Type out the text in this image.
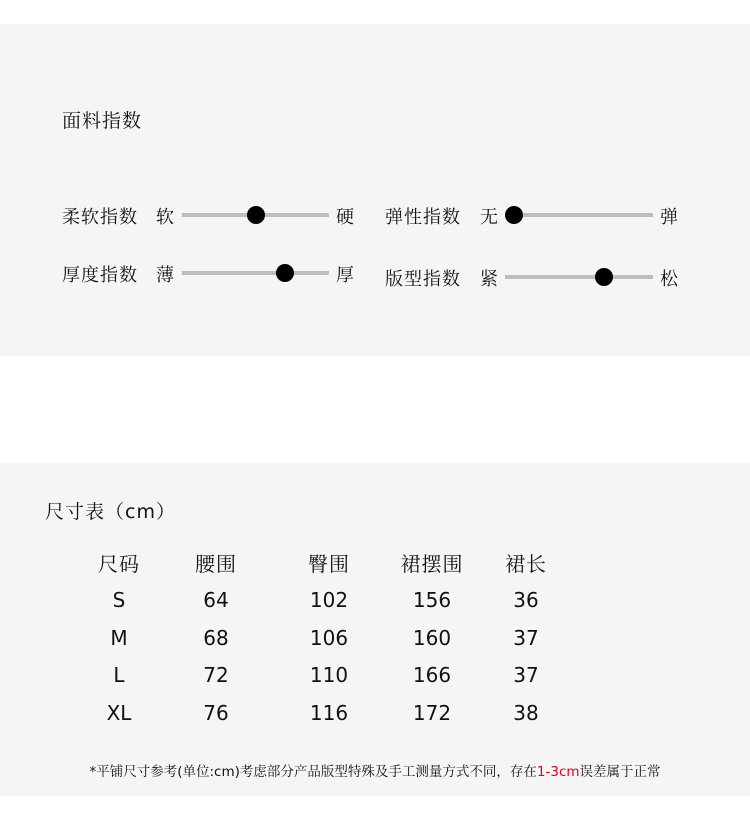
面料指数
柔软指数 软	硬 弹性指数 无	弹
厚度指数 薄	厚 版型指数 紧	松
尺寸表（cm）
尺码	腰围	臀围	裙摆围	裙长
S	64	102	156	36
M	68	106	160	37
L	72	110	166	37
XL	76	116	172	38
*平铺尺寸参考(单位:cm)考虑部分产品版型特殊及手工测量方式不同，存在1-3cm误差属于正常
